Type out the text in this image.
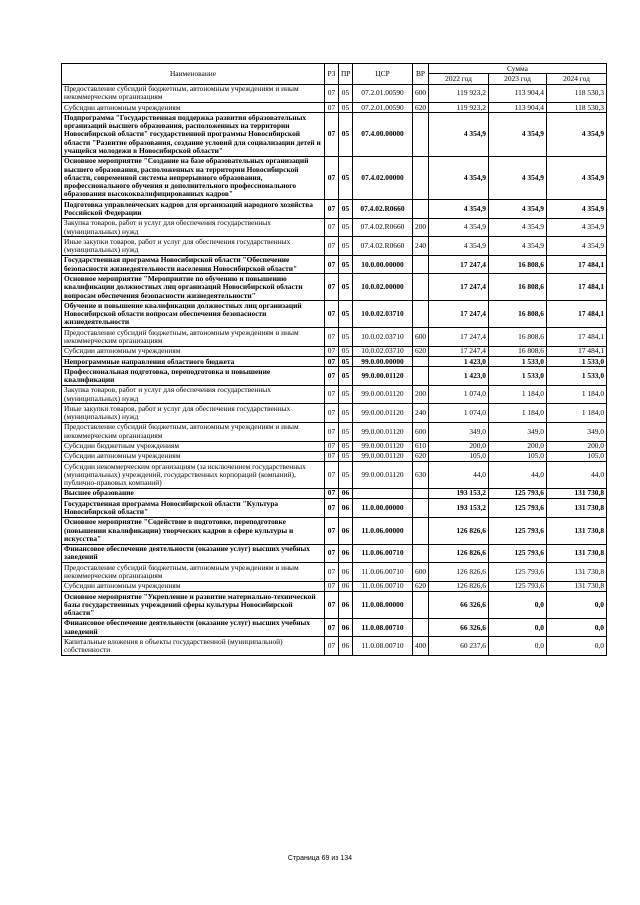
Наименование	РЗ	ПР	ЦСР	ВР	Сумма		
					2022 год	2023 год	2024 год
Предоставление субсидий бюджетным, автономным учреждениям и иным некоммерческим организациям	07	05	07.2.01.00590	600	119 923,2	113 904,4	118 530,3
Субсидии автономным учреждениям	07	05	07.2.01.00590	620	119 923,2	113 904,4	118 530,3
Подпрограмма "Государственная поддержка развития образовательных организаций высшего образования, расположенных на территории Новосибирской области" государственной программы Новосибирской области "Развитие образования, создание условий для социализации детей и учащейся молодежи в Новосибирской области"	07	05	07.4.00.00000		4 354,9	4 354,9	4 354,9
Основное мероприятие "Создание на базе образовательных организаций высшего образования, расположенных на территории Новосибирской области, современной системы непрерывного образования, профессионального обучения и дополнительного профессионального образования высококвалифицированных кадров"	07	05	07.4.02.00000		4 354,9	4 354,9	4 354,9
Подготовка управленческих кадров для организаций народного хозяйства Российской Федерации	07	05	07.4.02.R0660		4 354,9	4 354,9	4 354,9
Закупка товаров, работ и услуг для обеспечения государственных (муниципальных) нужд	07	05	07.4.02.R0660	200	4 354,9	4 354,9	4 354,9
Иные закупки товаров, работ и услуг для обеспечения государственных (муниципальных) нужд	07	05	07.4.02.R0660	240	4 354,9	4 354,9	4 354,9
Государственная программа Новосибирской области "Обеспечение безопасности жизнедеятельности населения Новосибирской области"	07	05	10.0.00.00000		17 247,4	16 808,6	17 484,1
Основное мероприятие "Мероприятие по обучению и повышению квалификации должностных лиц организаций Новосибирской области вопросам обеспечения безопасности жизнедеятельности"	07	05	10.0.02.00000		17 247,4	16 808,6	17 484,1
Обучение и повышение квалификации должностных лиц организаций Новосибирской области вопросам обеспечения безопасности жизнедеятельности	07	05	10.0.02.03710		17 247,4	16 808,6	17 484,1
Предоставление субсидий бюджетным, автономным учреждениям и иным некоммерческим организациям	07	05	10.0.02.03710	600	17 247,4	16 808,6	17 484,1
Субсидии автономным учреждениям	07	05	10.0.02.03710	620	17 247,4	16 808,6	17 484,1
Непрограммные направления областного бюджета	07	05	99.0.00.00000		1 423,0	1 533,0	1 533,0
Профессиональная подготовка, переподготовка и повышение квалификации	07	05	99.0.00.01120		1 423,0	1 533,0	1 533,0
Закупка товаров, работ и услуг для обеспечения государственных (муниципальных) нужд	07	05	99.0.00.01120	200	1 074,0	1 184,0	1 184,0
Иные закупки товаров, работ и услуг для обеспечения государственных (муниципальных) нужд	07	05	99.0.00.01120	240	1 074,0	1 184,0	1 184,0
Предоставление субсидий бюджетным, автономным учреждениям и иным некоммерческим организациям	07	05	99.0.00.01120	600	349,0	349,0	349,0
Субсидии бюджетным учреждениям	07	05	99.0.00.01120	610	200,0	200,0	200,0
Субсидии автономным учреждениям	07	05	99.0.00.01120	620	105,0	105,0	105,0
Субсидии некоммерческим организациям (за исключением государственных (муниципальных) учреждений, государственных корпораций (компаний), публично-правовых компаний)	07	05	99.0.00.01120	630	44,0	44,0	44,0
Высшее образование	07	06			193 153,2	125 793,6	131 730,8
Государственная программа Новосибирской области "Культура Новосибирской области"	07	06	11.0.00.00000		193 153,2	125 793,6	131 730,8
Основное мероприятие "Содействие в подготовке, переподготовке (повышении квалификации) творческих кадров в сфере культуры и искусства"	07	06	11.0.06.00000		126 826,6	125 793,6	131 730,8
Финансовое обеспечение деятельности (оказание услуг) высших учебных заведений	07	06	11.0.06.00710		126 826,6	125 793,6	131 730,8
Предоставление субсидий бюджетным, автономным учреждениям и иным некоммерческим организациям	07	06	11.0.06.00710	600	126 826,6	125 793,6	131 730,8
Субсидии автономным учреждениям	07	06	11.0.06.00710	620	126 826,6	125 793,6	131 730,8
Основное мероприятие "Укрепление и развитие материально-технической базы государственных учреждений сферы культуры Новосибирской области"	07	06	11.0.08.00000		66 326,6	0,0	0,0
Финансовое обеспечение деятельности (оказание услуг) высших учебных заведений	07	06	11.0.08.00710		66 326,6	0,0	0,0
Капитальные вложения в объекты государственной (муниципальной) собственности	07	06	11.0.08.00710	400	60 237,6	0,0	0,0
Страница 69 из 134
